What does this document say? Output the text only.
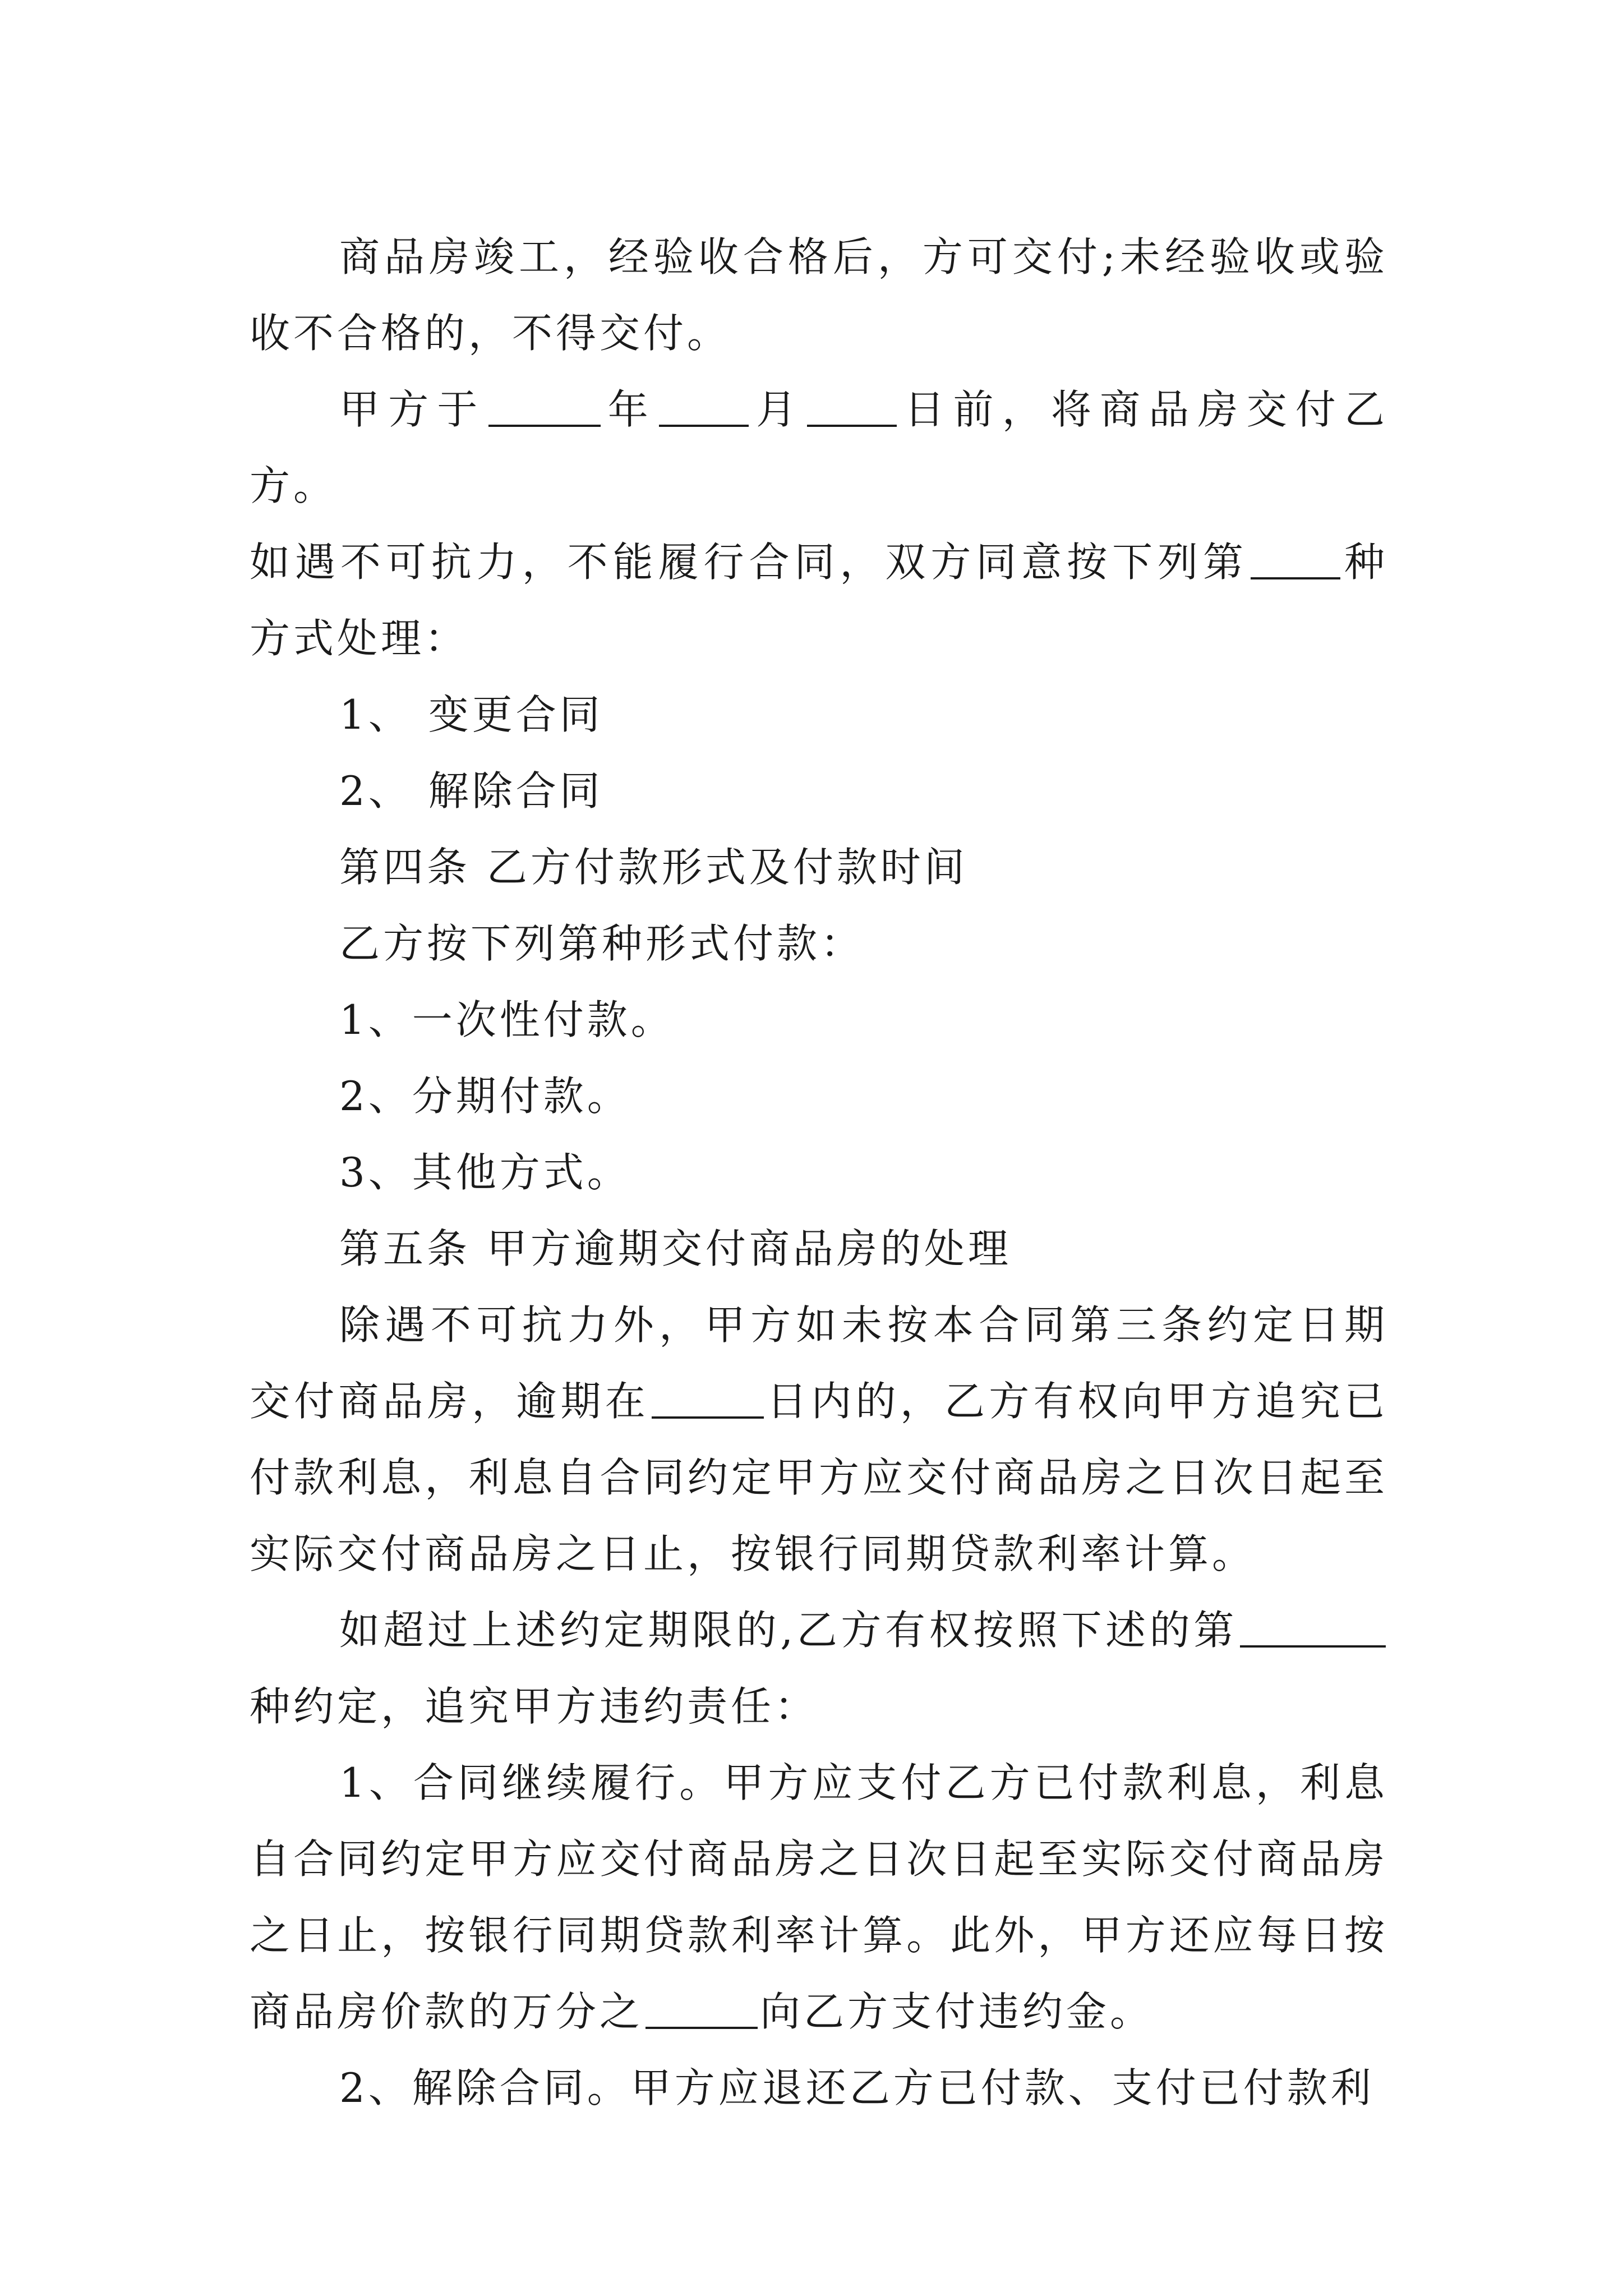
商品房竣工，经验收合格后，方可交付;未经验收或验收不合格的，不得交付。

甲方于	年 月 日前，将商品房交付乙方。

如遇不可抗力，不能履行合同，双方同意按下列第 种方式处理：

1、 变更合同

2、 解除合同

第四条 乙方付款形式及付款时间

乙方按下列第种形式付款：

1、一次性付款。

2、分期付款。

3、其他方式。

第五条 甲方逾期交付商品房的处理

除遇不可抗力外，甲方如未按本合同第三条约定日期交付商品房，逾期在	日内的，乙方有权向甲方追究已付款利息，利息自合同约定甲方应交付商品房之日次日起至实际交付商品房之日止，按银行同期贷款利率计算。

如超过上述约定期限的,乙方有权按照下述的第种约定，追究甲方违约责任：

1、合同继续履行。甲方应支付乙方已付款利息，利息自合同约定甲方应交付商品房之日次日起至实际交付商品房之日止，按银行同期贷款利率计算。此外，甲方还应每日按商品房价款的万分之	向乙方支付违约金。

2、解除合同。甲方应退还乙方已付款、支付已付款利
